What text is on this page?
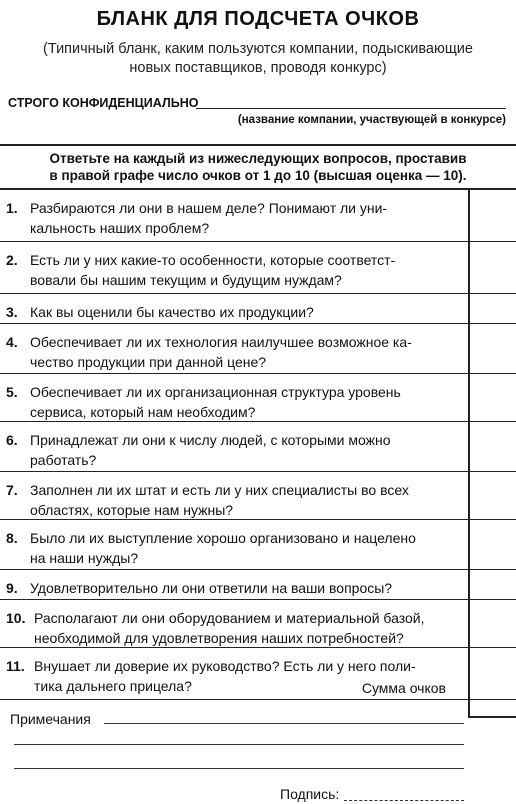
БЛАНК ДЛЯ ПОДСЧЕТА ОЧКОВ
(Типичный бланк, каким пользуются компании, подыскивающие
новых поставщиков, проводя конкурс)
СТРОГО КОНФИДЕНЦИАЛЬНО
(название компании, участвующей в конкурсе)
Ответьте на каждый из нижеследующих вопросов, проставив
в правой графе число очков от 1 до 10 (высшая оценка — 10).
1. Разбираются ли они в нашем деле? Понимают ли уни-
кальность наших проблем?
2. Есть ли у них какие-то особенности, которые соответст-
вовали бы нашим текущим и будущим нуждам?
3. Как вы оценили бы качество их продукции?
4. Обеспечивает ли их технология наилучшее возможное ка-
чество продукции при данной цене?
5. Обеспечивает ли их организационная структура уровень
сервиса, который нам необходим?
6. Принадлежат ли они к числу людей, с которыми можно
работать?
7. Заполнен ли их штат и есть ли у них специалисты во всех
областях, которые нам нужны?
8. Было ли их выступление хорошо организовано и нацелено
на наши нужды?
9. Удовлетворительно ли они ответили на ваши вопросы?
10. Располагают ли они оборудованием и материальной базой,
необходимой для удовлетворения наших потребностей?
11. Внушает ли доверие их руководство? Есть ли у него поли-
тика дальнего прицела?	Сумма очков
Примечания
Подпись:
